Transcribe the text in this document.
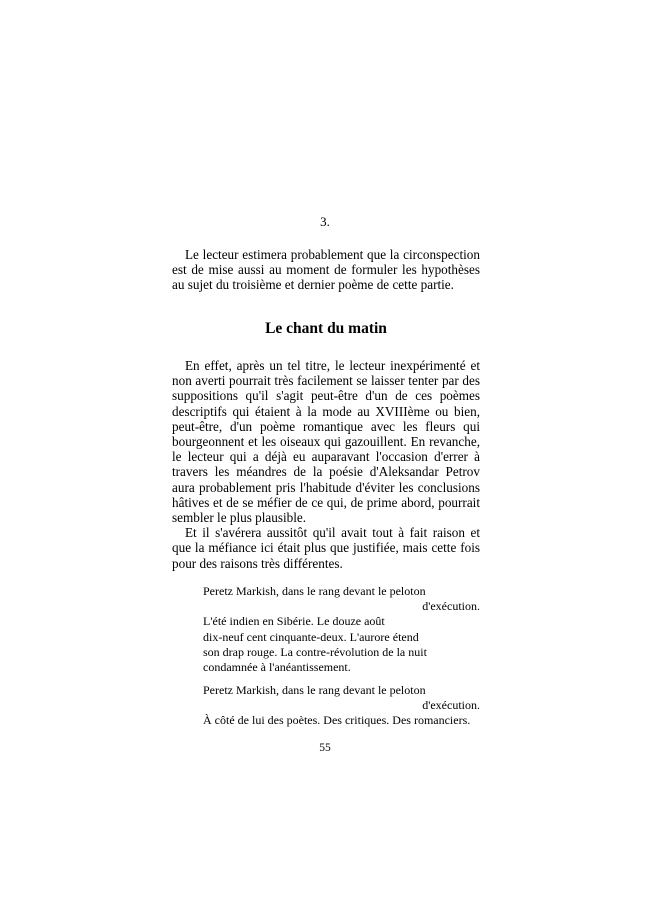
3.

Le lecteur estimera probablement que la circonspection est de mise aussi au moment de formuler les hypothèses au sujet du troisième et dernier poème de cette partie.

Le chant du matin

En effet, après un tel titre, le lecteur inexpérimenté et non averti pourrait très facilement se laisser tenter par des suppositions qu'il s'agit peut-être d'un de ces poèmes descriptifs qui étaient à la mode au XVIIIème ou bien, peut-être, d'un poème romantique avec les fleurs qui bourgeonnent et les oiseaux qui gazouillent. En revanche, le lecteur qui a déjà eu auparavant l'occasion d'errer à travers les méandres de la poésie d'Aleksandar Petrov aura probablement pris l'habitude d'éviter les conclusions hâtives et de se méfier de ce qui, de prime abord, pourrait sembler le plus plausible.

Et il s'avérera aussitôt qu'il avait tout à fait raison et que la méfiance ici était plus que justifiée, mais cette fois pour des raisons très différentes.

Peretz Markish, dans le rang devant le peloton

d'exécution.

L'été indien en Sibérie. Le douze août

dix-neuf cent cinquante-deux. L'aurore étend

son drap rouge. La contre-révolution de la nuit

condamnée à l'anéantissement.

Peretz Markish, dans le rang devant le peloton

d'exécution.

À côté de lui des poètes. Des critiques. Des romanciers.

55
